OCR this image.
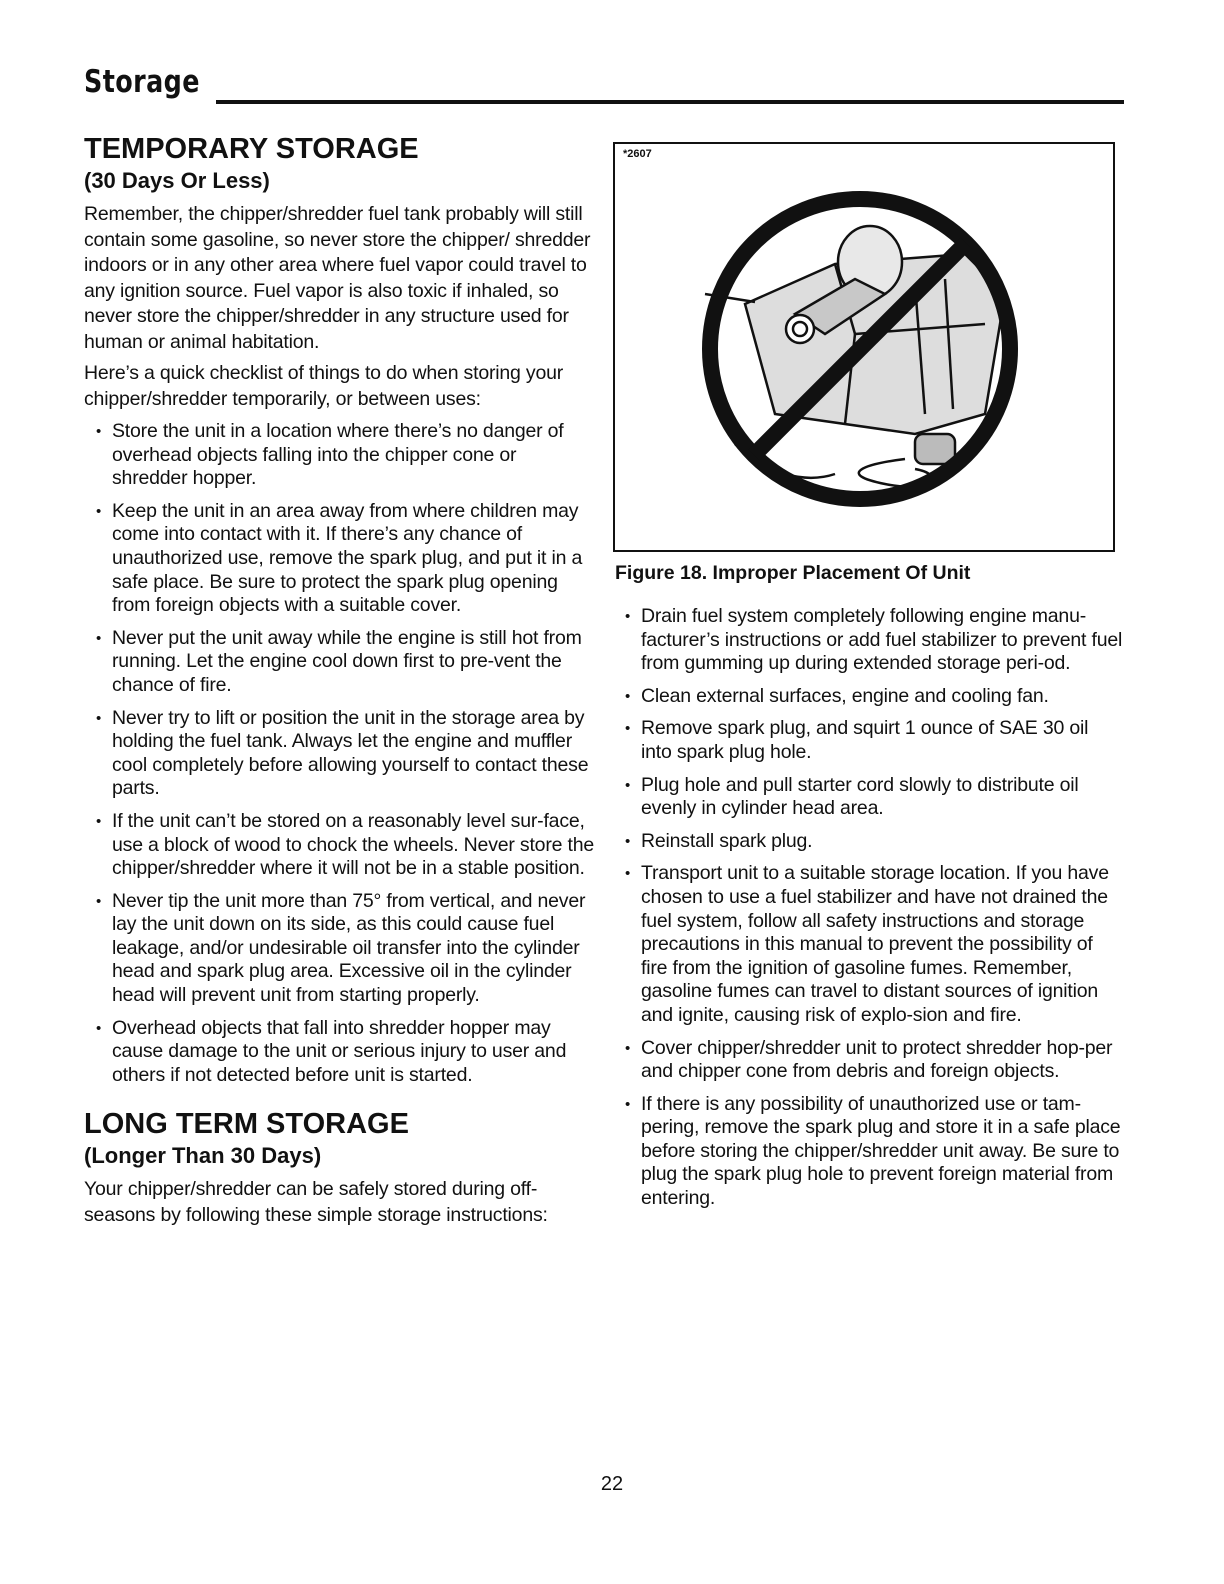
Storage
TEMPORARY STORAGE
(30 Days Or Less)

Remember, the chipper/shredder fuel tank probably will still contain some gasoline, so never store the chipper/ shredder indoors or in any other area where fuel vapor could travel to any ignition source. Fuel vapor is also toxic if inhaled, so never store the chipper/shredder in any structure used for human or animal habitation.

Here’s a quick checklist of things to do when storing your chipper/shredder temporarily, or between uses:

• Store the unit in a location where there’s no danger of overhead objects falling into the chipper cone or shredder hopper.
• Keep the unit in an area away from where children may come into contact with it. If there’s any chance of unauthorized use, remove the spark plug, and put it in a safe place. Be sure to protect the spark plug opening from foreign objects with a suitable cover.
• Never put the unit away while the engine is still hot from running. Let the engine cool down first to pre-vent the chance of fire.
• Never try to lift or position the unit in the storage area by holding the fuel tank. Always let the engine and muffler cool completely before allowing yourself to contact these parts.
• If the unit can’t be stored on a reasonably level sur-face, use a block of wood to chock the wheels. Never store the chipper/shredder where it will not be in a stable position.
• Never tip the unit more than 75° from vertical, and never lay the unit down on its side, as this could cause fuel leakage, and/or undesirable oil transfer into the cylinder head and spark plug area. Excessive oil in the cylinder head will prevent unit from starting properly.
• Overhead objects that fall into shredder hopper may cause damage to the unit or serious injury to user and others if not detected before unit is started.
LONG TERM STORAGE
(Longer Than 30 Days)

Your chipper/shredder can be safely stored during off-seasons by following these simple storage instructions:

*2607
Figure 18. Improper Placement Of Unit
• Drain fuel system completely following engine manu-facturer’s instructions or add fuel stabilizer to prevent fuel from gumming up during extended storage peri-od.
• Clean external surfaces, engine and cooling fan.
• Remove spark plug, and squirt 1 ounce of SAE 30 oil into spark plug hole.
• Plug hole and pull starter cord slowly to distribute oil evenly in cylinder head area.
• Reinstall spark plug.
• Transport unit to a suitable storage location. If you have chosen to use a fuel stabilizer and have not drained the fuel system, follow all safety instructions and storage precautions in this manual to prevent the possibility of fire from the ignition of gasoline fumes. Remember, gasoline fumes can travel to distant sources of ignition and ignite, causing risk of explo-sion and fire.
• Cover chipper/shredder unit to protect shredder hop-per and chipper cone from debris and foreign objects.
• If there is any possibility of unauthorized use or tam-pering, remove the spark plug and store it in a safe place before storing the chipper/shredder unit away. Be sure to plug the spark plug hole to prevent foreign material from entering.
22
